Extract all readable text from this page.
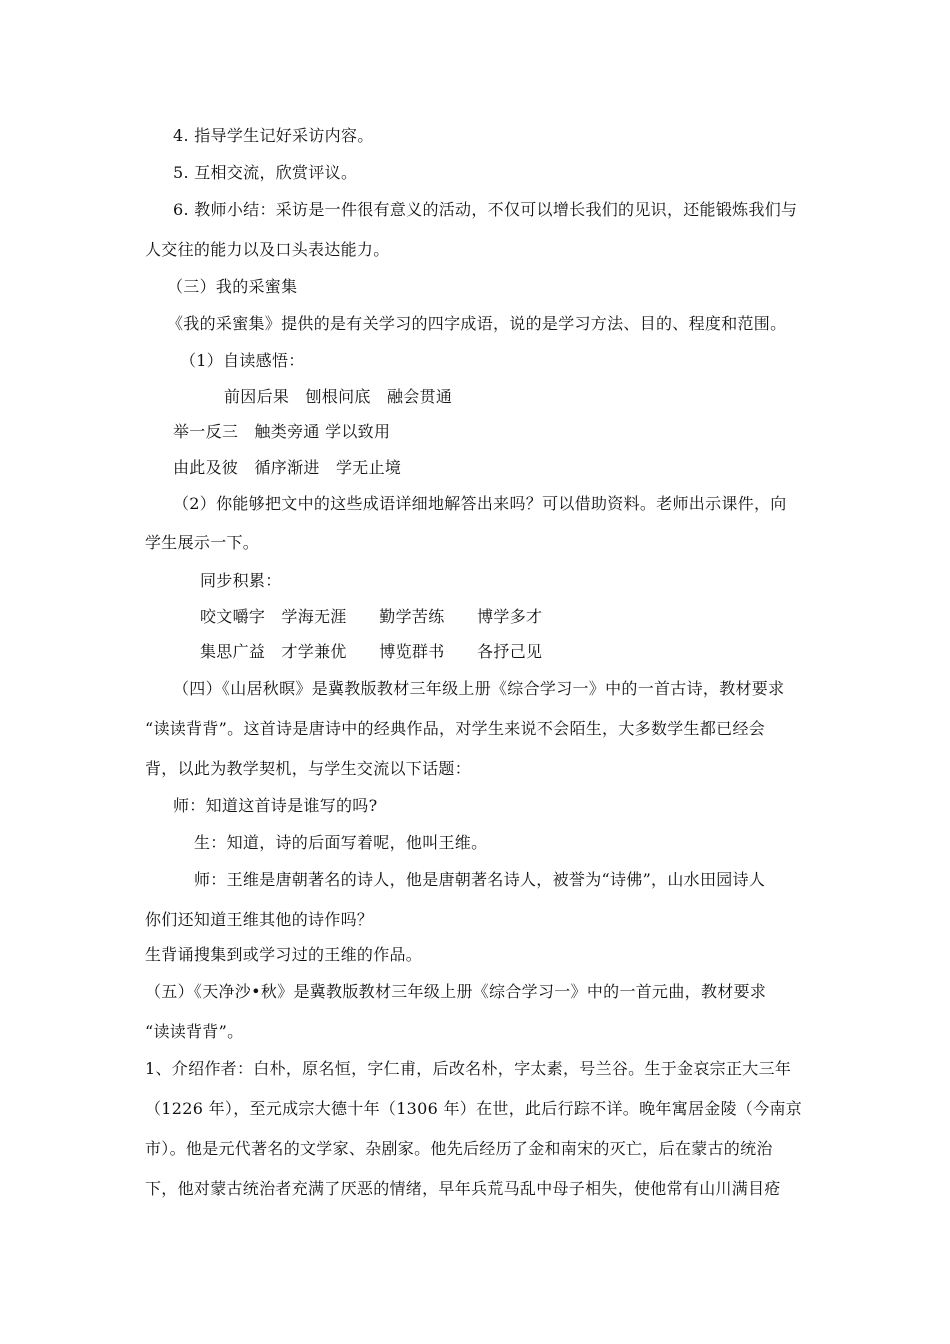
4. 指导学生记好采访内容。
5. 互相交流，欣赏评议。
6. 教师小结：采访是一件很有意义的活动，不仅可以增长我们的见识，还能锻炼我们与
人交往的能力以及口头表达能力。
（三）我的采蜜集
《我的采蜜集》提供的是有关学习的四字成语，说的是学习方法、目的、程度和范围。
（1）自读感悟：
前因后果　刨根问底　融会贯通
举一反三　触类旁通 学以致用
由此及彼　循序渐进　学无止境
（2）你能够把文中的这些成语详细地解答出来吗？可以借助资料。老师出示课件，向
学生展示一下。
同步积累：
咬文嚼字　学海无涯　　勤学苦练　　博学多才
集思广益　才学兼优　　博览群书　　各抒己见
（四）《山居秋暝》是冀教版教材三年级上册《综合学习一》中的一首古诗，教材要求
“读读背背”。这首诗是唐诗中的经典作品，对学生来说不会陌生，大多数学生都已经会
背，以此为教学契机，与学生交流以下话题：
师：知道这首诗是谁写的吗?
生：知道，诗的后面写着呢，他叫王维。
师：王维是唐朝著名的诗人，他是唐朝著名诗人，被誉为“诗佛”，山水田园诗人
你们还知道王维其他的诗作吗？
生背诵搜集到或学习过的王维的作品。
（五）《天净沙•秋》是冀教版教材三年级上册《综合学习一》中的一首元曲，教材要求
“读读背背”。
1、介绍作者：白朴，原名恒，字仁甫，后改名朴，字太素，号兰谷。生于金哀宗正大三年
（1226 年），至元成宗大德十年（1306 年）在世，此后行踪不详。晚年寓居金陵（今南京
市）。他是元代著名的文学家、杂剧家。他先后经历了金和南宋的灭亡，后在蒙古的统治
下，他对蒙古统治者充满了厌恶的情绪，早年兵荒马乱中母子相失，使他常有山川满目疮
